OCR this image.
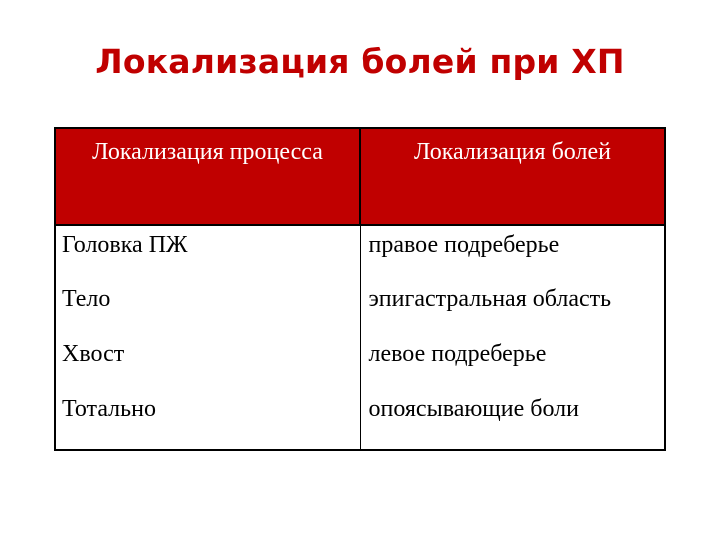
Локализация болей при ХП
Локализация процесса	Локализация болей
Головка ПЖ	правое подреберье
Тело	эпигастральная область
Хвост	левое подреберье
Тотально	опоясывающие боли
